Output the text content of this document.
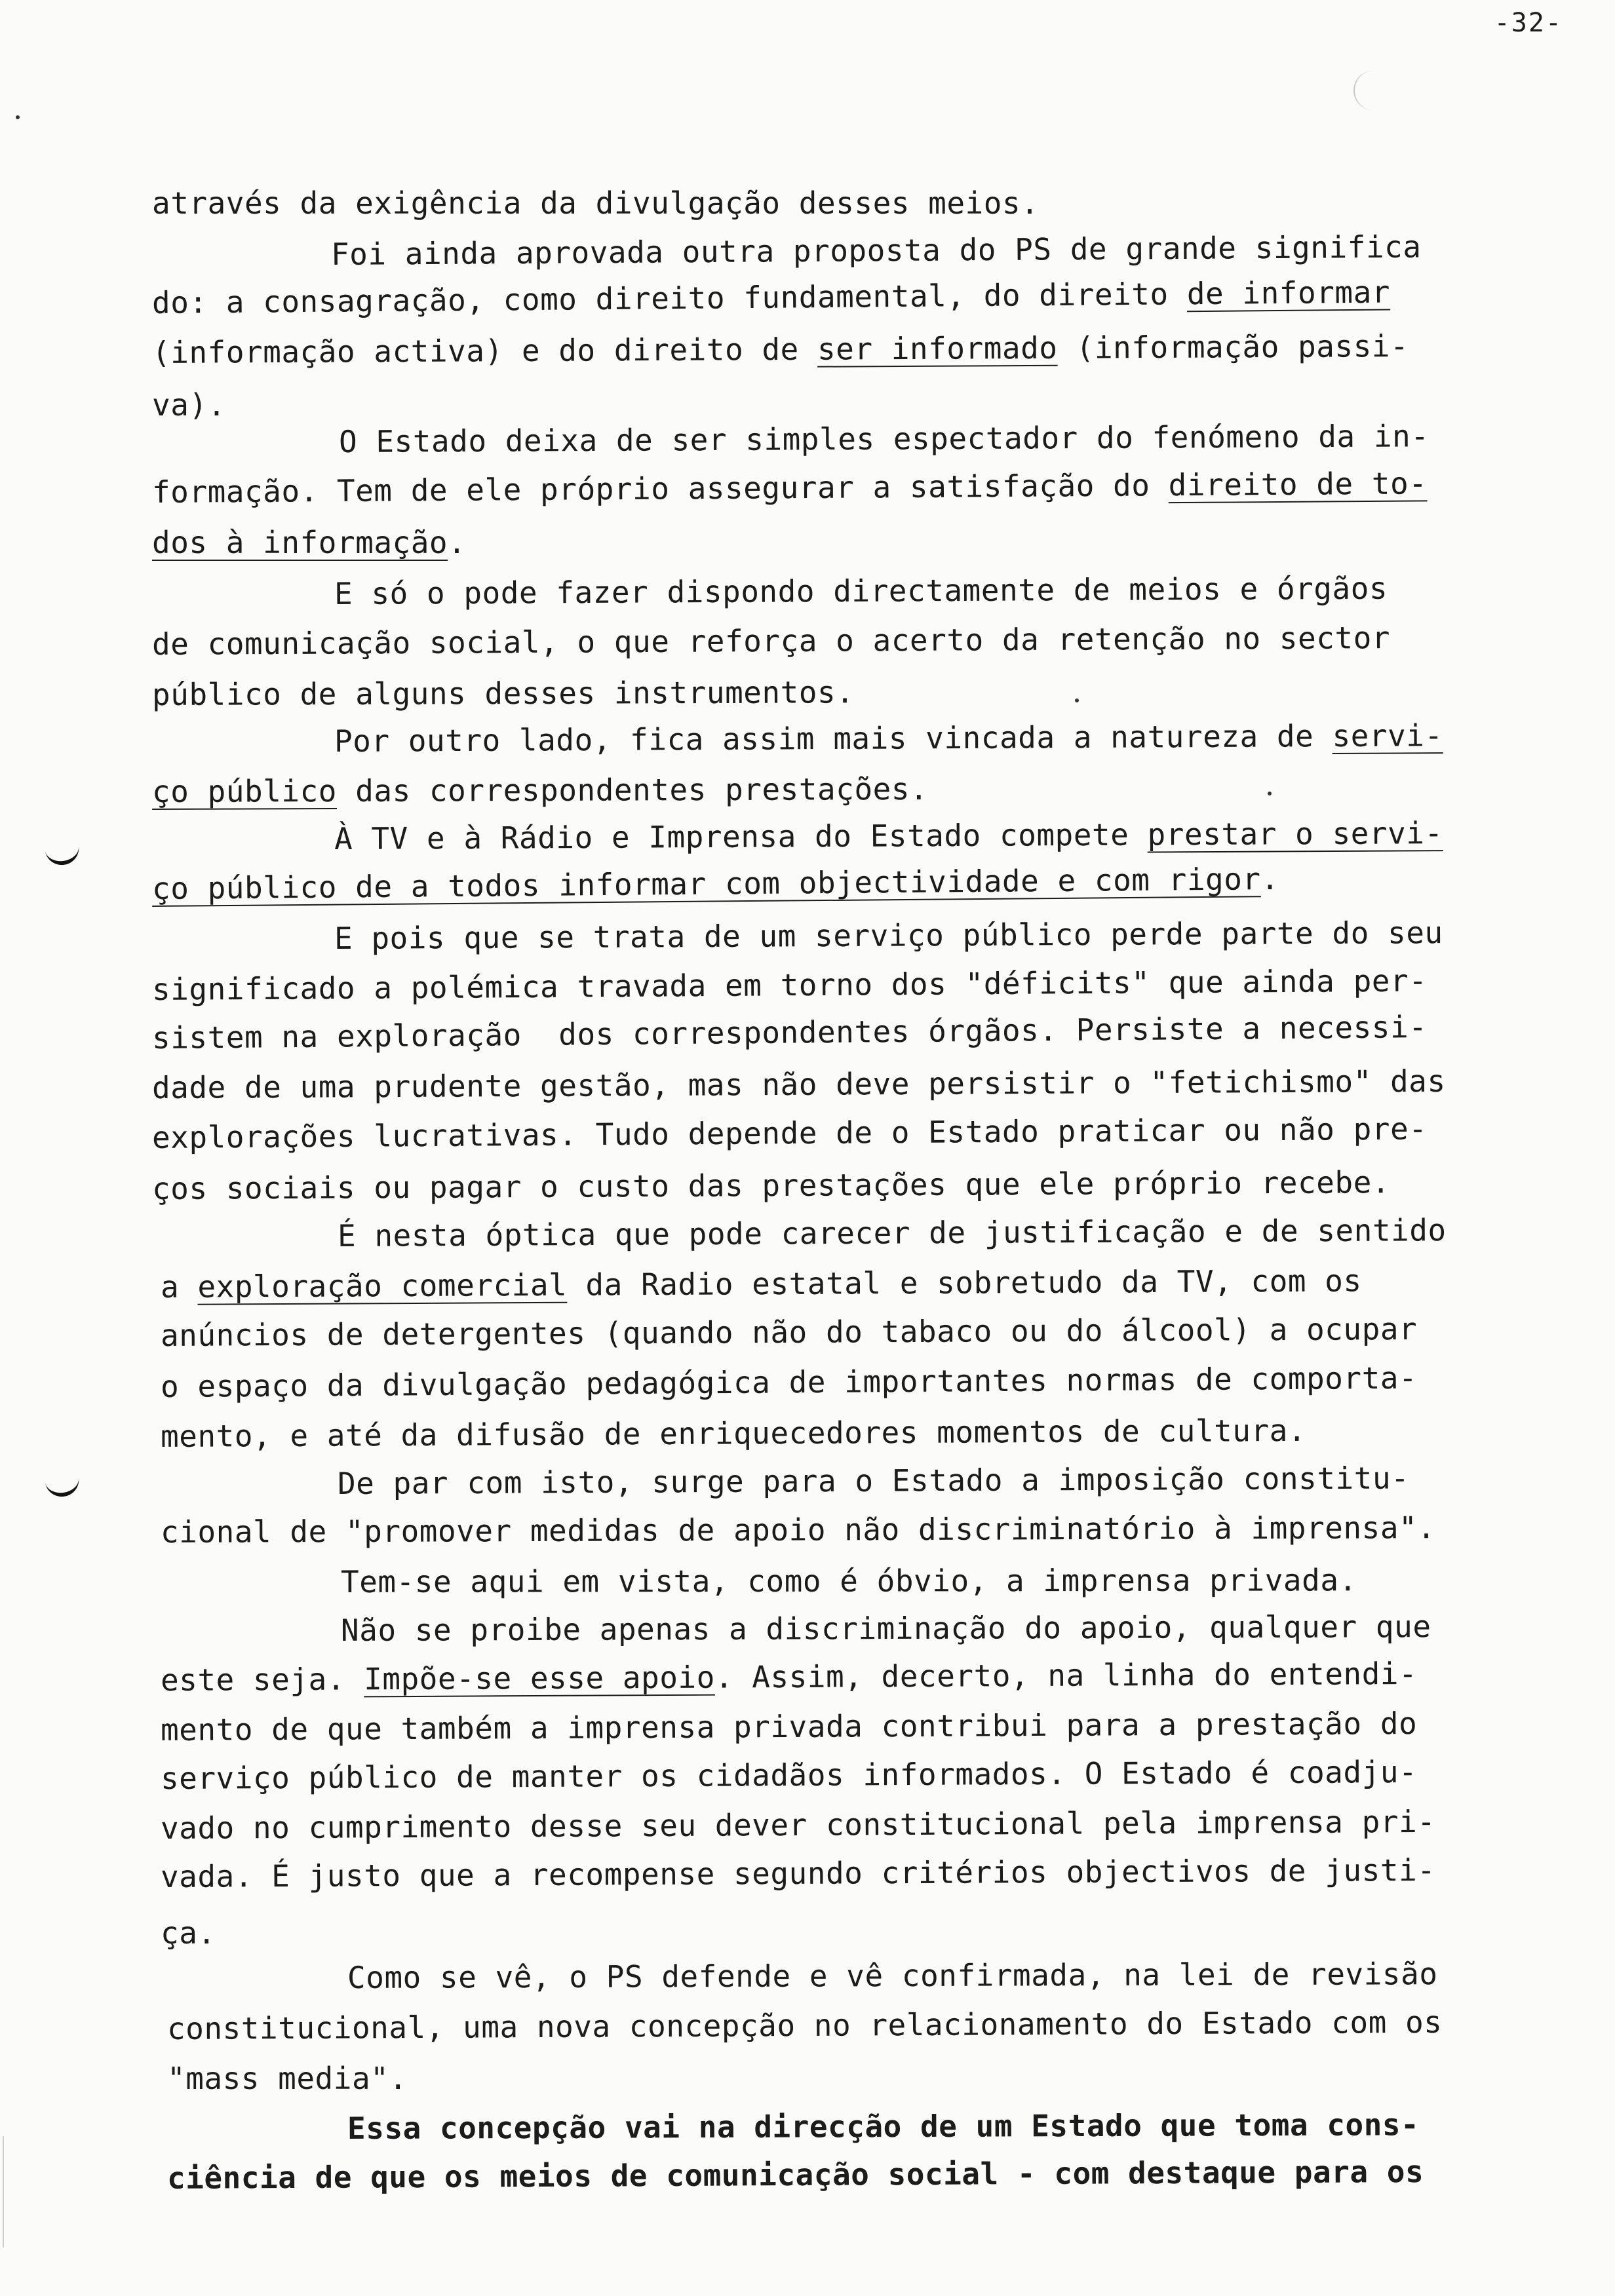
-32-
através da exigência da divulgação desses meios.
Foi ainda aprovada outra proposta do PS de grande significa
do: a consagração, como direito fundamental, do direito de informar
(informação activa) e do direito de ser informado (informação passi-
va).
O Estado deixa de ser simples espectador do fenómeno da in-
formação. Tem de ele próprio assegurar a satisfação do direito de to-
dos à informação.
E só o pode fazer dispondo directamente de meios e órgãos
de comunicação social, o que reforça o acerto da retenção no sector
público de alguns desses instrumentos.
Por outro lado, fica assim mais vincada a natureza de servi-
ço público das correspondentes prestações.
À TV e à Rádio e Imprensa do Estado compete prestar o servi-
ço público de a todos informar com objectividade e com rigor.
E pois que se trata de um serviço público perde parte do seu
significado a polémica travada em torno dos "déficits" que ainda per-
sistem na exploração  dos correspondentes órgãos. Persiste a necessi-
dade de uma prudente gestão, mas não deve persistir o "fetichismo" das
explorações lucrativas. Tudo depende de o Estado praticar ou não pre-
ços sociais ou pagar o custo das prestações que ele próprio recebe.
É nesta óptica que pode carecer de justificação e de sentido
a exploração comercial da Radio estatal e sobretudo da TV, com os
anúncios de detergentes (quando não do tabaco ou do álcool) a ocupar
o espaço da divulgação pedagógica de importantes normas de comporta-
mento, e até da difusão de enriquecedores momentos de cultura.
De par com isto, surge para o Estado a imposição constitu-
cional de "promover medidas de apoio não discriminatório à imprensa".
Tem-se aqui em vista, como é óbvio, a imprensa privada.
Não se proibe apenas a discriminação do apoio, qualquer que
este seja. Impõe-se esse apoio. Assim, decerto, na linha do entendi-
mento de que também a imprensa privada contribui para a prestação do
serviço público de manter os cidadãos informados. O Estado é coadju-
vado no cumprimento desse seu dever constitucional pela imprensa pri-
vada. É justo que a recompense segundo critérios objectivos de justi-
ça.
Como se vê, o PS defende e vê confirmada, na lei de revisão
constitucional, uma nova concepção no relacionamento do Estado com os
"mass media".
Essa concepção vai na direcção de um Estado que toma cons-
ciência de que os meios de comunicação social - com destaque para os
